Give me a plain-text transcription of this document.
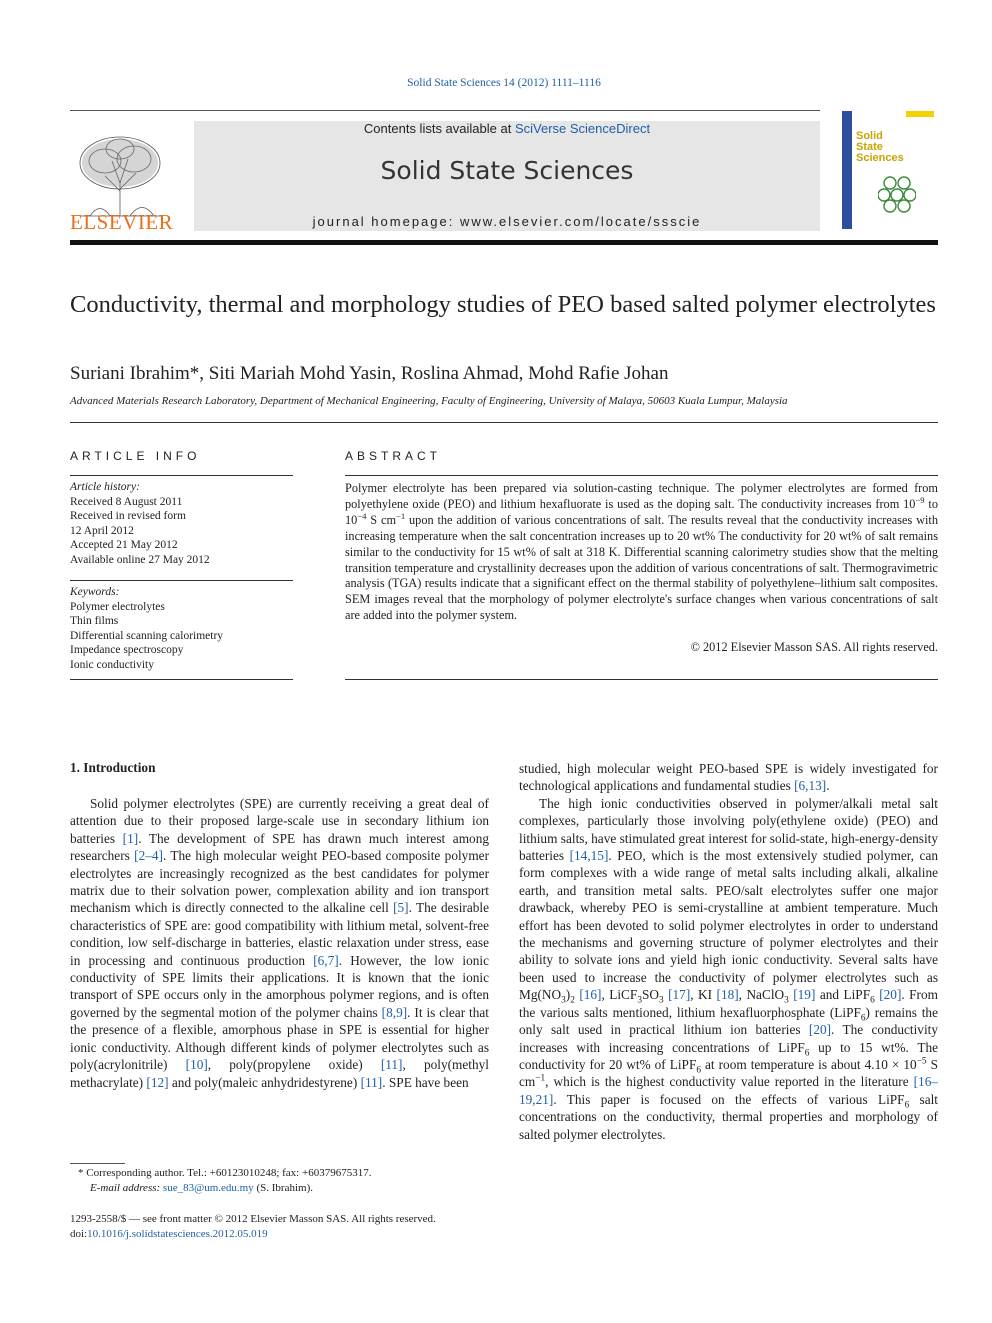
Solid State Sciences 14 (2012) 1111–1116
ELSEVIER
Contents lists available at SciVerse ScienceDirect
Solid State Sciences
journal homepage: www.elsevier.com/locate/ssscie
Solid
State
Sciences
Conductivity, thermal and morphology studies of PEO based salted polymer electrolytes
Suriani Ibrahim*, Siti Mariah Mohd Yasin, Roslina Ahmad, Mohd Rafie Johan
Advanced Materials Research Laboratory, Department of Mechanical Engineering, Faculty of Engineering, University of Malaya, 50603 Kuala Lumpur, Malaysia
ARTICLE INFO
Article history:
Received 8 August 2011
Received in revised form
12 April 2012
Accepted 21 May 2012
Available online 27 May 2012
Keywords:
Polymer electrolytes
Thin films
Differential scanning calorimetry
Impedance spectroscopy
Ionic conductivity
ABSTRACT
Polymer electrolyte has been prepared via solution-casting technique. The polymer electrolytes are formed from polyethylene oxide (PEO) and lithium hexafluorate is used as the doping salt. The conductivity increases from $10^{-9}$ to $10^{-4}$ S $cm^{-1}$ upon the addition of various concentrations of salt. The results reveal that the conductivity increases with increasing temperature when the salt concentration increases up to 20 wt% The conductivity for 20 wt% of salt remains similar to the conductivity for 15 wt% of salt at 318 K. Differential scanning calorimetry studies show that the melting transition temperature and crystallinity decreases upon the addition of various concentrations of salt. Thermogravimetric analysis (TGA) results indicate that a significant effect on the thermal stability of polyethylene–lithium salt composites. SEM images reveal that the morphology of polymer electrolyte's surface changes when various concentrations of salt are added into the polymer system.
© 2012 Elsevier Masson SAS. All rights reserved.
1. Introduction

Solid polymer electrolytes (SPE) are currently receiving a great deal of attention due to their proposed large-scale use in secondary lithium ion batteries [1]. The development of SPE has drawn much interest among researchers [2–4]. The high molecular weight PEO-based composite polymer electrolytes are increasingly recognized as the best candidates for polymer matrix due to their solvation power, complexation ability and ion transport mechanism which is directly connected to the alkaline cell [5]. The desirable characteristics of SPE are: good compatibility with lithium metal, solvent-free condition, low self-discharge in batteries, elastic relaxation under stress, ease in processing and continuous production [6,7]. However, the low ionic conductivity of SPE limits their applications. It is known that the ionic transport of SPE occurs only in the amorphous polymer regions, and is often governed by the segmental motion of the polymer chains [8,9]. It is clear that the presence of a flexible, amorphous phase in SPE is essential for higher ionic conductivity. Although different kinds of polymer electrolytes such as poly(acrylonitrile) [10], poly(propylene oxide) [11], poly(methyl methacrylate) [12] and poly(maleic anhydridestyrene) [11]. SPE have been

studied, high molecular weight PEO-based SPE is widely investigated for technological applications and fundamental studies [6,13].

The high ionic conductivities observed in polymer/alkali metal salt complexes, particularly those involving poly(ethylene oxide) (PEO) and lithium salts, have stimulated great interest for solid-state, high-energy-density batteries [14,15]. PEO, which is the most extensively studied polymer, can form complexes with a wide range of metal salts including alkali, alkaline earth, and transition metal salts. PEO/salt electrolytes suffer one major drawback, whereby PEO is semi-crystalline at ambient temperature. Much effort has been devoted to solid polymer electrolytes in order to understand the mechanisms and governing structure of polymer electrolytes and their ability to solvate ions and yield high ionic conductivity. Several salts have been used to increase the conductivity of polymer electrolytes such as $Mg(NO_3)_2$ [16], $LiCF_3SO_3$ [17], KI [18], NaClO$_3$ [19] and LiPF$_6$ [20]. From the various salts mentioned, lithium hexafluorphosphate (LiPF$_6$) remains the only salt used in practical lithium ion batteries [20]. The conductivity increases with increasing concentrations of LiPF$_6$ up to 15 wt%. The conductivity for 20 wt% of LiPF$_6$ at room temperature is about $4.10 \times 10^{-5}$ S $cm^{-1}$, which is the highest conductivity value reported in the literature [16–19,21]. This paper is focused on the effects of various LiPF$_6$ salt concentrations on the conductivity, thermal properties and morphology of salted polymer electrolytes.

* Corresponding author. Tel.: +60123010248; fax: +60379675317.
E-mail address: sue_83@um.edu.my (S. Ibrahim).
1293-2558/$ — see front matter © 2012 Elsevier Masson SAS. All rights reserved.
doi:10.1016/j.solidstatesciences.2012.05.019
